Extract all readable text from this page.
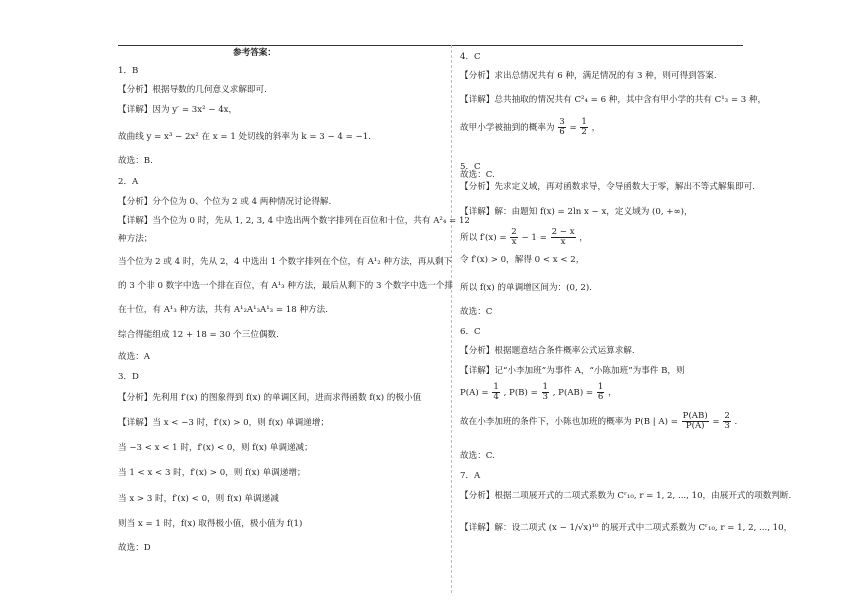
参考答案：
1．B
【分析】根据导数的几何意义求解即可.
【详解】因为 y′ = 3x² − 4x，
故曲线 y = x³ − 2x² 在 x = 1 处切线的斜率为 k = 3 − 4 = −1.
故选：B.
2．A
【分析】分个位为 0、个位为 2 或 4 两种情况讨论得解.
【详解】当个位为 0 时，先从 1, 2, 3, 4 中选出两个数字排列在百位和十位，共有 A²₄ = 12
种方法；
当个位为 2 或 4 时，先从 2，4 中选出 1 个数字排列在个位，有 A¹₂ 种方法，再从剩下
的 3 个非 0 数字中选一个排在百位，有 A¹₃ 种方法，最后从剩下的 3 个数字中选一个排
在十位，有 A¹₃ 种方法，共有 A¹₂A¹₃A¹₃ = 18 种方法.
综合得能组成 12 + 18 = 30 个三位偶数.
故选：A
3．D
【分析】先利用 f′(x) 的图象得到 f(x) 的单调区间，进而求得函数 f(x) 的极小值
【详解】当 x < −3 时，f′(x) > 0，则 f(x) 单调递增；
当 −3 < x < 1 时，f′(x) < 0，则 f(x) 单调递减；
当 1 < x < 3 时，f′(x) > 0，则 f(x) 单调递增；
当 x > 3 时，f′(x) < 0，则 f(x) 单调递减
则当 x = 1 时，f(x) 取得极小值，极小值为 f(1)
故选：D
4．C
【分析】求出总情况共有 6 种，满足情况的有 3 种，则可得到答案.
【详解】总共抽取的情况共有 C²₄ = 6 种，其中含有甲小学的共有 C¹₃ = 3 种，
故选：C.
5．C
【分析】先求定义域，再对函数求导，令导函数大于零，解出不等式解集即可.
【详解】解：由题知 f(x) = 2ln x − x，定义域为 (0, +∞)，
令 f′(x) > 0，解得 0 < x < 2，
所以 f(x) 的单调增区间为：(0, 2).
故选：C
6．C
【分析】根据题意结合条件概率公式运算求解.
【详解】记“小李加班”为事件 A，“小陈加班”为事件 B，则
故选：C.
7．A
【分析】根据二项展开式的二项式系数为 Cʳ₁₀, r = 1, 2, ..., 10，由展开式的项数判断.
故甲小学被抽到的概率为 $\frac{3}{6} = \frac{1}{2}$ ，
所以 $f'(x) = \frac{2}{x} - 1 = \frac{2 - x}{x}$ ，
$P(A) = \frac{1}{4}$ , $P(B) = \frac{1}{3}$ , $P(AB) = \frac{1}{6}$ ，
故在小李加班的条件下，小陈也加班的概率为 P(B | $A) = \frac{P(AB)}{P(A)} = \frac{2}{3}$ .
【详解】解：设二项式 (x − 1/√x)¹⁰ 的展开式中二项式系数为 Cʳ₁₀, r = 1, 2, ..., 10，
